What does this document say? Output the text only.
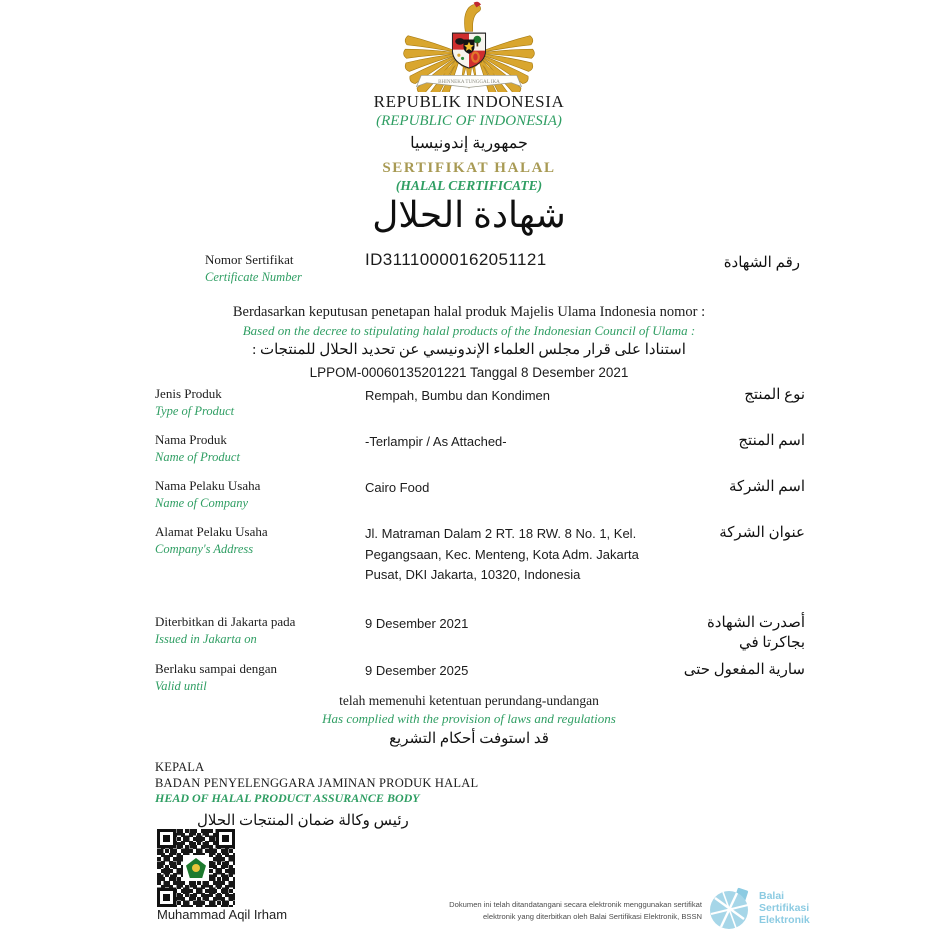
BHINNEKA TUNGGAL IKA
REPUBLIK INDONESIA
(REPUBLIC OF INDONESIA)
جمهورية إندونيسيا
SERTIFIKAT HALAL
(HALAL CERTIFICATE)
شهادة الحلال
Nomor Sertifikat
Certificate Number
ID31110000162051121	رقم الشهادة
Berdasarkan keputusan penetapan halal produk Majelis Ulama Indonesia nomor :
Based on the decree to stipulating halal products of the Indonesian Council of Ulama :
استنادا على قرار مجلس العلماء الإندونيسي عن تحديد الحلال للمنتجات :
LPPOM-00060135201221 Tanggal 8 Desember 2021
Jenis Produk
Type of Product
Rempah, Bumbu dan Kondimen	نوع المنتج
Nama Produk
Name of Product
-Terlampir / As Attached-	اسم المنتج
Nama Pelaku Usaha
Name of Company
Cairo Food	اسم الشركة
Alamat Pelaku Usaha
Company's Address
Jl. Matraman Dalam 2 RT. 18 RW. 8 No. 1, Kel. Pegangsaan, Kec. Menteng, Kota Adm. Jakarta Pusat, DKI Jakarta, 10320, Indonesia
عنوان الشركة
Diterbitkan di Jakarta pada
Issued in Jakarta on
9 Desember 2021	أصدرت الشهادة بجاكرتا في
Berlaku sampai dengan
Valid until
9 Desember 2025	سارية المفعول حتى
telah memenuhi ketentuan perundang-undangan
Has complied with the provision of laws and regulations
قد استوفت أحكام التشريع
KEPALA
BADAN PENYELENGGARA JAMINAN PRODUK HALAL
HEAD OF HALAL PRODUCT ASSURANCE BODY
رئيس وكالة ضمان المنتجات الحلال
Muhammad Aqil Irham
Dokumen ini telah ditandatangani secara elektronik menggunakan sertifikat
elektronik yang diterbitkan oleh Balai Sertifikasi Elektronik, BSSN
Balai
Sertifikasi
Elektronik
